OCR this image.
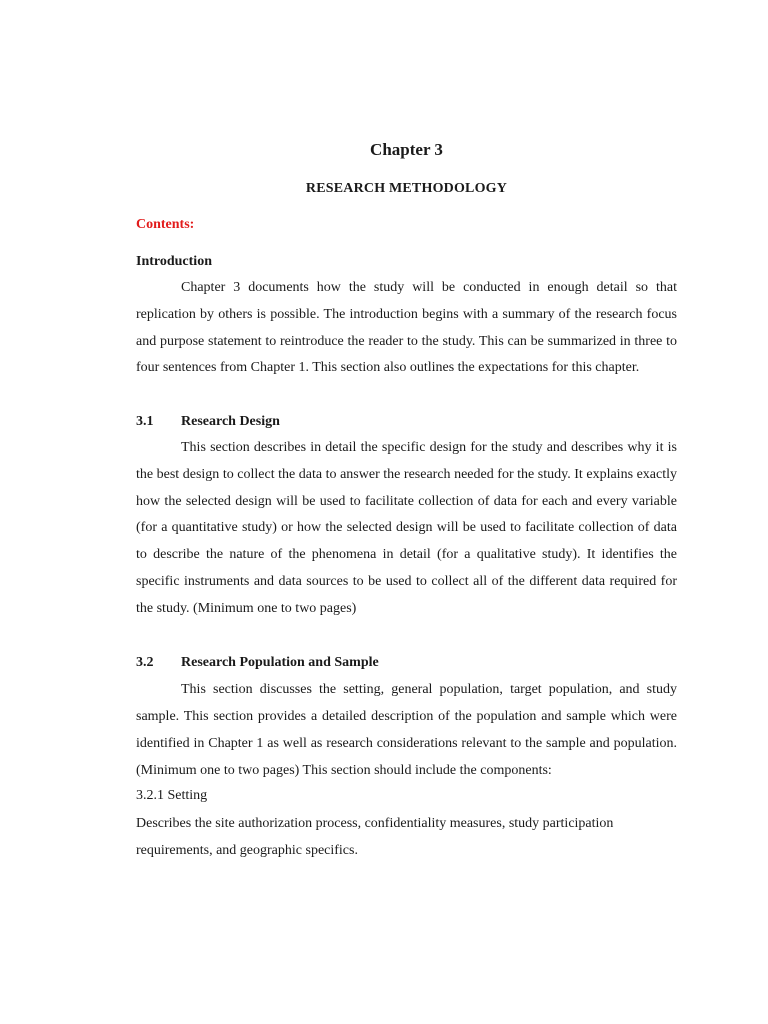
Chapter 3
RESEARCH METHODOLOGY
Contents:
Introduction

Chapter 3 documents how the study will be conducted in enough detail so that replication by others is possible. The introduction begins with a summary of the research focus and purpose statement to reintroduce the reader to the study. This can be summarized in three to four sentences from Chapter 1. This section also outlines the expectations for this chapter.

3.1 Research Design

This section describes in detail the specific design for the study and describes why it is the best design to collect the data to answer the research needed for the study. It explains exactly how the selected design will be used to facilitate collection of data for each and every variable (for a quantitative study) or how the selected design will be used to facilitate collection of data to describe the nature of the phenomena in detail (for a qualitative study). It identifies the specific instruments and data sources to be used to collect all of the different data required for the study. (Minimum one to two pages)

3.2 Research Population and Sample

This section discusses the setting, general population, target population, and study sample. This section provides a detailed description of the population and sample which were identified in Chapter 1 as well as research considerations relevant to the sample and population. (Minimum one to two pages) This section should include the components:

3.2.1 Setting

Describes the site authorization process, confidentiality measures, study participation requirements, and geographic specifics.
